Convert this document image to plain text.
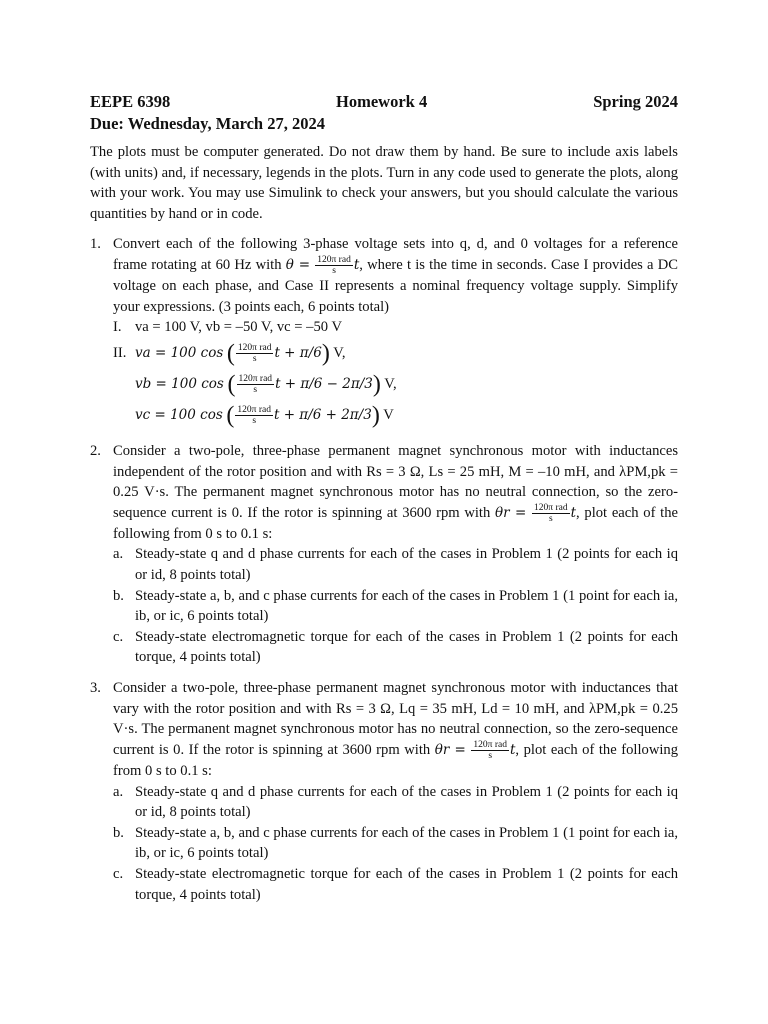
EEPE 6398	Homework 4	Spring 2024
Due: Wednesday, March 27, 2024

The plots must be computer generated. Do not draw them by hand. Be sure to include axis labels (with units) and, if necessary, legends in the plots. Turn in any code used to generate the plots, along with your work. You may use Simulink to check your answers, but you should calculate the various quantities by hand or in code.

1. Convert each of the following 3-phase voltage sets into q, d, and 0 voltages for a reference frame rotating at 60 Hz with $\theta = \frac{\text{120π rad}}{s} t$, where t is the time in seconds. Case I provides a DC voltage on each phase, and Case II represents a nominal frequency voltage supply. Simplify your expressions. (3 points each, 6 points total)
I. va = 100 V, vb = –50 V, vc = –50 V
II. va = 100 cos ( $\frac{\text{120π rad}}{s}$ t + π/6) V,
vb = 100 cos ( $\frac{\text{120π rad}}{s}$ t + π/6 − 2π/3) V,
vc = 100 cos ( $\frac{\text{120π rad}}{s}$ t + π/6 + 2π/3) V
2. Consider a two-pole, three-phase permanent magnet synchronous motor with inductances independent of the rotor position and with Rs = 3 Ω, Ls = 25 mH, M = –10 mH, and λPM,pk = 0.25 V·s. The permanent magnet synchronous motor has no neutral connection, so the zero-sequence current is 0. If the rotor is spinning at 3600 rpm with $\theta r = \frac{\text{120π rad}}{s} t$, plot each of the following from 0 s to 0.1 s:
a. Steady-state q and d phase currents for each of the cases in Problem 1 (2 points for each iq or id, 8 points total)
b. Steady-state a, b, and c phase currents for each of the cases in Problem 1 (1 point for each ia, ib, or ic, 6 points total)
c. Steady-state electromagnetic torque for each of the cases in Problem 1 (2 points for each torque, 4 points total)
3. Consider a two-pole, three-phase permanent magnet synchronous motor with inductances that vary with the rotor position and with Rs = 3 Ω, Lq = 35 mH, Ld = 10 mH, and λPM,pk = 0.25 V·s. The permanent magnet synchronous motor has no neutral connection, so the zero-sequence current is 0. If the rotor is spinning at 3600 rpm with $\theta r = \frac{\text{120π rad}}{s} t$, plot each of the following from 0 s to 0.1 s:
a. Steady-state q and d phase currents for each of the cases in Problem 1 (2 points for each iq or id, 8 points total)
b. Steady-state a, b, and c phase currents for each of the cases in Problem 1 (1 point for each ia, ib, or ic, 6 points total)
c. Steady-state electromagnetic torque for each of the cases in Problem 1 (2 points for each torque, 4 points total)
